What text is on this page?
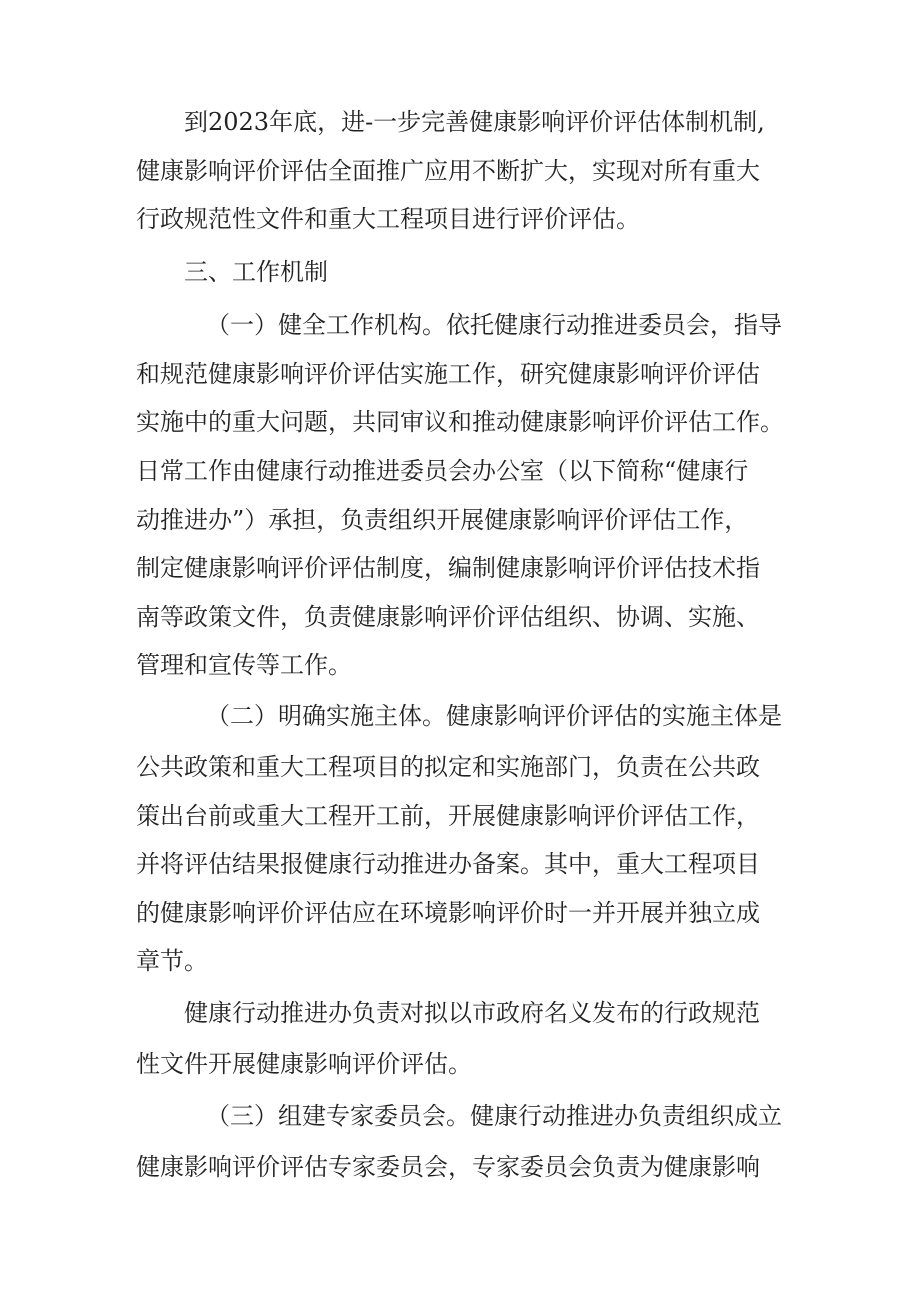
到2023年底，进-一步完善健康影响评价评估体制机制,
健康影响评价评估全面推广应用不断扩大，实现对所有重大
行政规范性文件和重大工程项目进行评价评估。
三、工作机制
（一）健全工作机构。依托健康行动推进委员会，指导
和规范健康影响评价评估实施工作，研究健康影响评价评估
实施中的重大问题，共同审议和推动健康影响评价评估工作。
日常工作由健康行动推进委员会办公室（以下简称“健康行
动推进办”）承担，负责组织开展健康影响评价评估工作，
制定健康影响评价评估制度，编制健康影响评价评估技术指
南等政策文件，负责健康影响评价评估组织、协调、实施、
管理和宣传等工作。
（二）明确实施主体。健康影响评价评估的实施主体是
公共政策和重大工程项目的拟定和实施部门，负责在公共政
策出台前或重大工程开工前，开展健康影响评价评估工作，
并将评估结果报健康行动推进办备案。其中，重大工程项目
的健康影响评价评估应在环境影响评价时一并开展并独立成
章节。
健康行动推进办负责对拟以市政府名义发布的行政规范
性文件开展健康影响评价评估。
（三）组建专家委员会。健康行动推进办负责组织成立
健康影响评价评估专家委员会，专家委员会负责为健康影响
